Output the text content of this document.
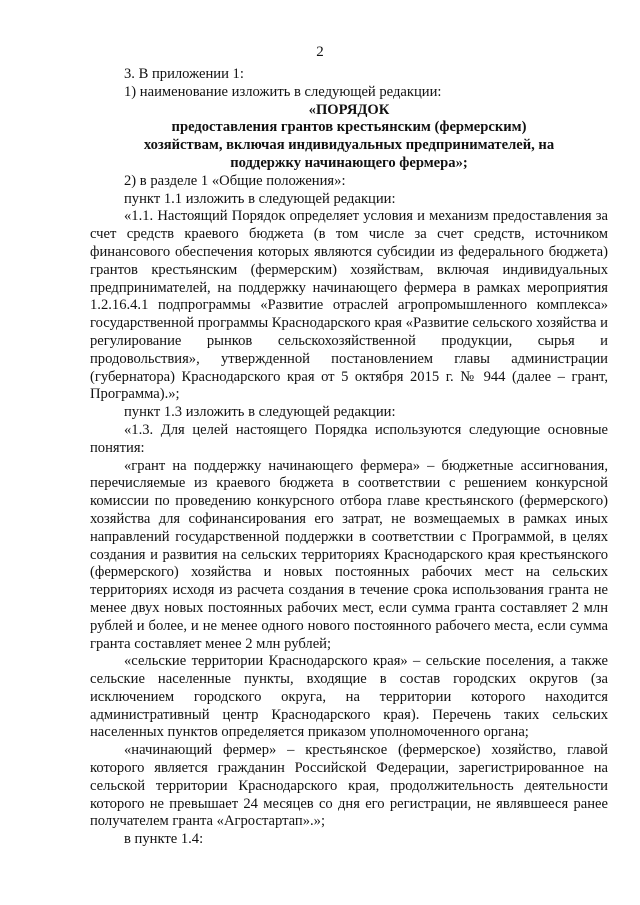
2

3. В приложении 1:

1) наименование изложить в следующей редакции:

«ПОРЯДОК

предоставления грантов крестьянским (фермерским) хозяйствам, включая индивидуальных предпринимателей, на поддержку начинающего фермера»;

2) в разделе 1 «Общие положения»:

пункт 1.1 изложить в следующей редакции:

«1.1. Настоящий Порядок определяет условия и механизм предоставления за счет средств краевого бюджета (в том числе за счет средств, источником финансового обеспечения которых являются субсидии из федерального бюджета) грантов крестьянским (фермерским) хозяйствам, включая индивидуальных предпринимателей, на поддержку начинающего фермера в рамках мероприятия 1.2.16.4.1 подпрограммы «Развитие отраслей агропромышленного комплекса» государственной программы Краснодарского края «Развитие сельского хозяйства и регулирование рынков сельскохозяйственной продукции, сырья и продовольствия», утвержденной постановлением главы администрации (губернатора) Краснодарского края от 5 октября 2015 г. № 944 (далее – грант, Программа).»;

пункт 1.3 изложить в следующей редакции:

«1.3. Для целей настоящего Порядка используются следующие основные понятия:

«грант на поддержку начинающего фермера» – бюджетные ассигнования, перечисляемые из краевого бюджета в соответствии с решением конкурсной комиссии по проведению конкурсного отбора главе крестьянского (фермерского) хозяйства для софинансирования его затрат, не возмещаемых в рамках иных направлений государственной поддержки в соответствии с Программой, в целях создания и развития на сельских территориях Краснодарского края крестьянского (фермерского) хозяйства и новых постоянных рабочих мест на сельских территориях исходя из расчета создания в течение срока использования гранта не менее двух новых постоянных рабочих мест, если сумма гранта составляет 2 млн рублей и более, и не менее одного нового постоянного рабочего места, если сумма гранта составляет менее 2 млн рублей;

«сельские территории Краснодарского края» – сельские поселения, а также сельские населенные пункты, входящие в состав городских округов (за исключением городского округа, на территории которого находится административный центр Краснодарского края). Перечень таких сельских населенных пунктов определяется приказом уполномоченного органа;

«начинающий фермер» – крестьянское (фермерское) хозяйство, главой которого является гражданин Российской Федерации, зарегистрированное на сельской территории Краснодарского края, продолжительность деятельности которого не превышает 24 месяцев со дня его регистрации, не являвшееся ранее получателем гранта «Агростартап».»;

в пункте 1.4:
